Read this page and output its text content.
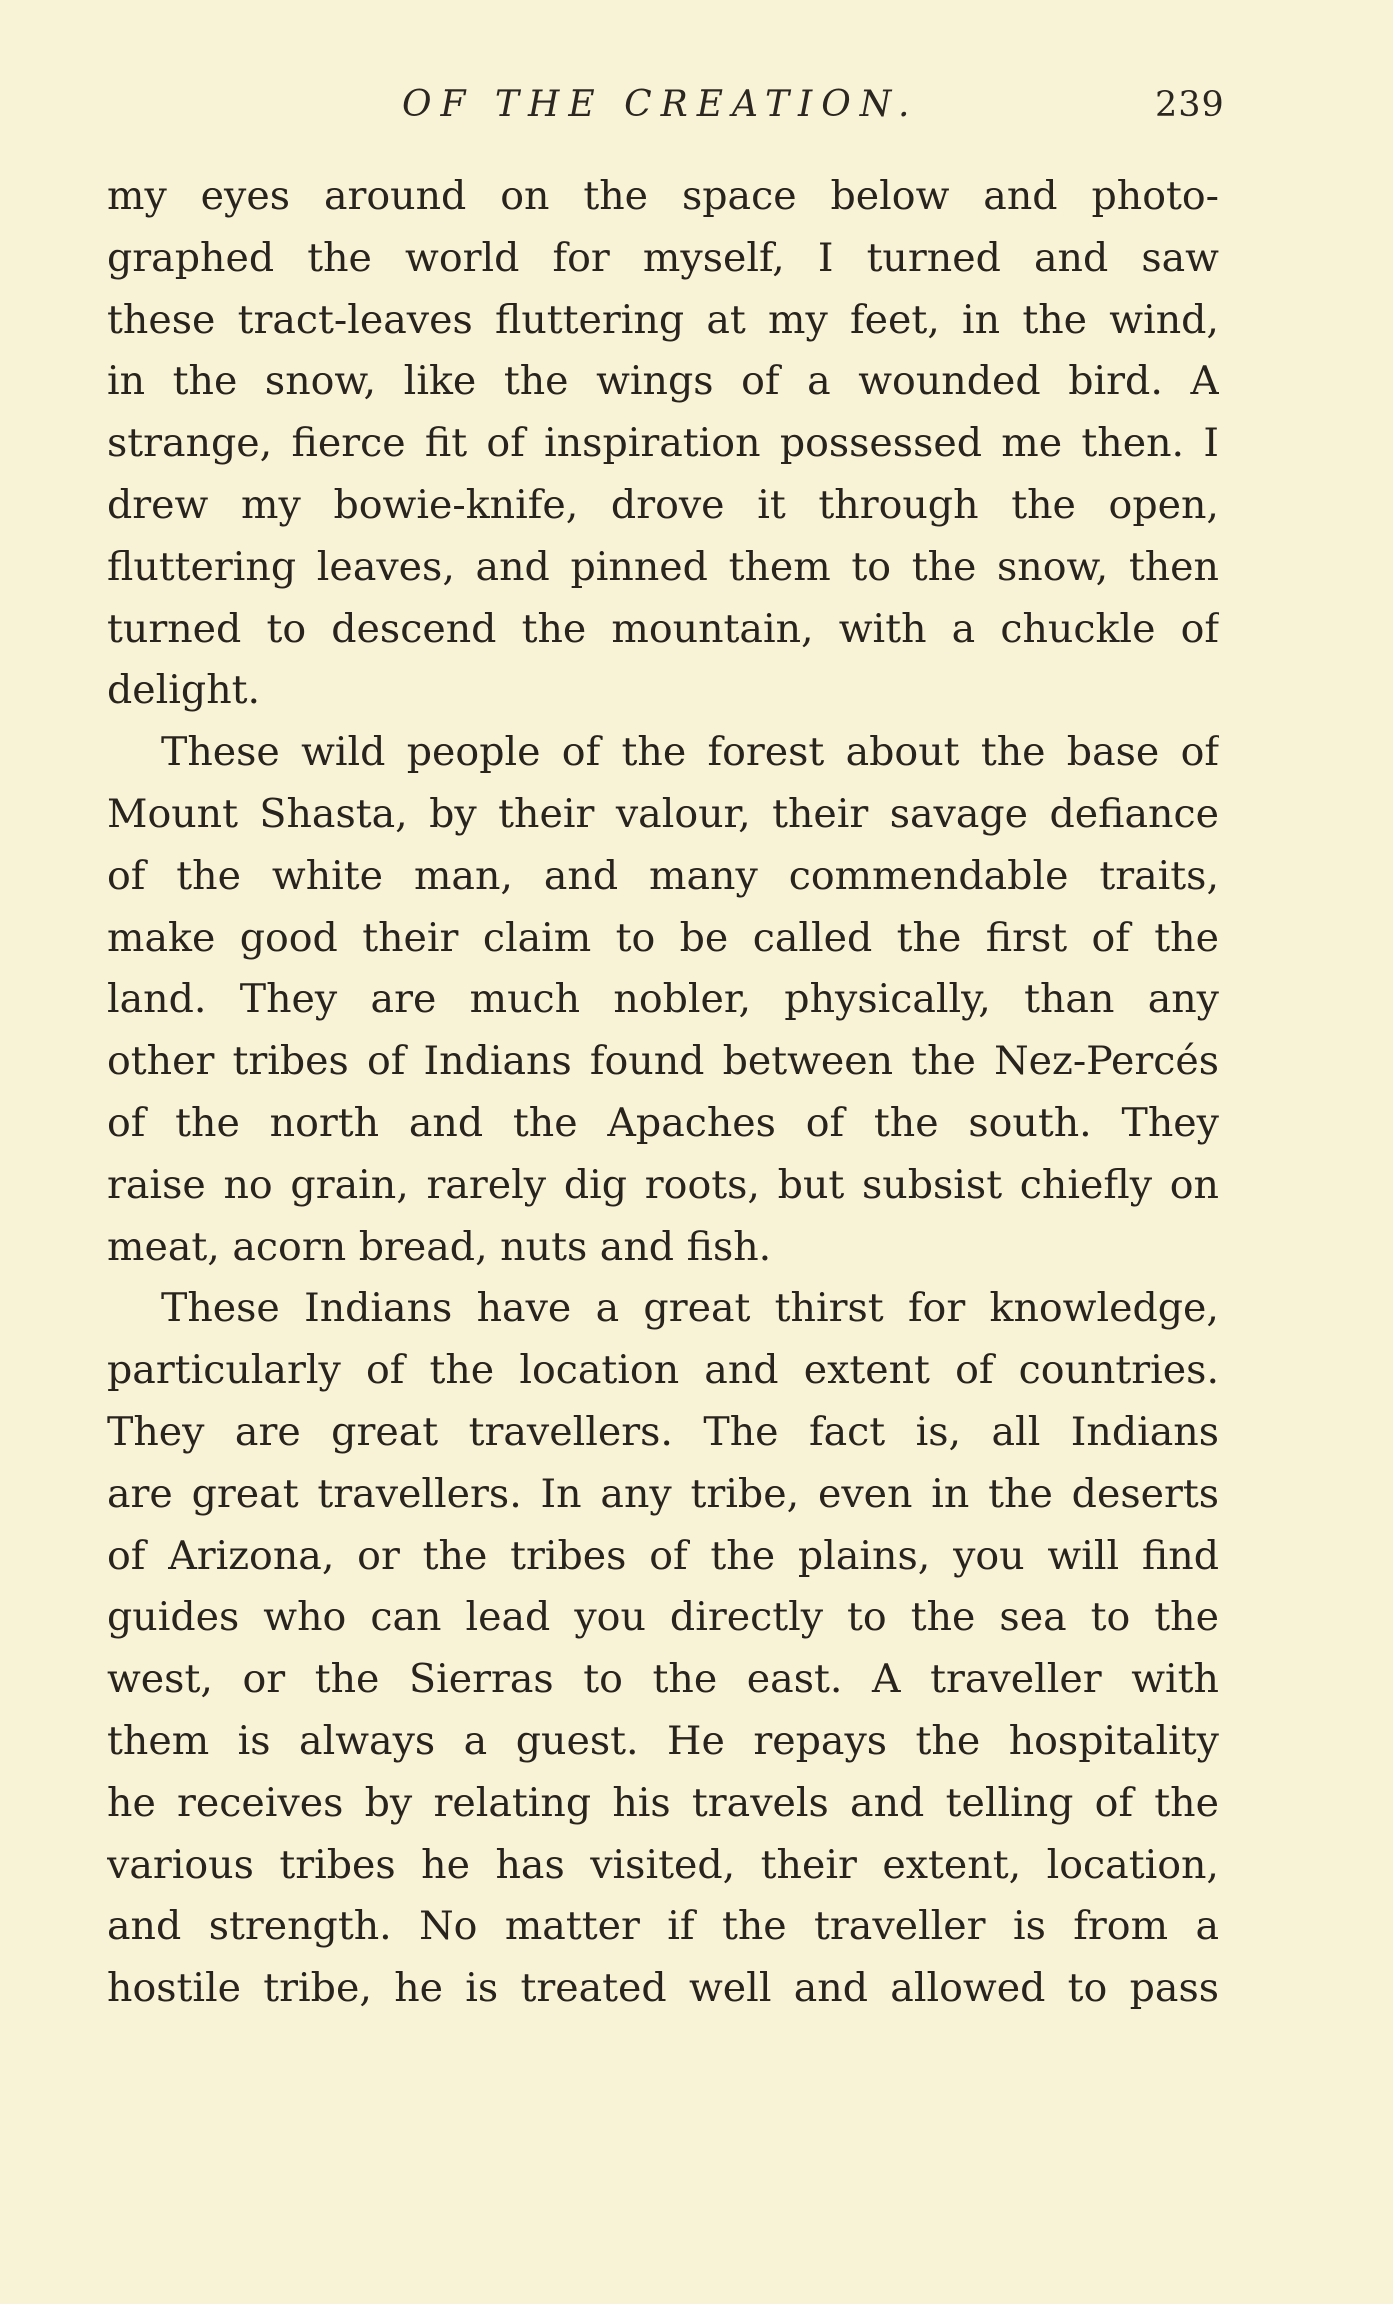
OF THE CREATION.	239
my eyes around on the space below and photo-
graphed the world for myself, I turned and saw
these tract-leaves fluttering at my feet, in the wind,
in the snow, like the wings of a wounded bird. A
strange, fierce fit of inspiration possessed me then. I
drew my bowie-knife, drove it through the open,
fluttering leaves, and pinned them to the snow, then
turned to descend the mountain, with a chuckle of
delight.
These wild people of the forest about the base of
Mount Shasta, by their valour, their savage defiance
of the white man, and many commendable traits,
make good their claim to be called the first of the
land. They are much nobler, physically, than any
other tribes of Indians found between the Nez-Percés
of the north and the Apaches of the south. They
raise no grain, rarely dig roots, but subsist chiefly on
meat, acorn bread, nuts and fish.
These Indians have a great thirst for knowledge,
particularly of the location and extent of countries.
They are great travellers. The fact is, all Indians
are great travellers. In any tribe, even in the deserts
of Arizona, or the tribes of the plains, you will find
guides who can lead you directly to the sea to the
west, or the Sierras to the east. A traveller with
them is always a guest. He repays the hospitality
he receives by relating his travels and telling of the
various tribes he has visited, their extent, location,
and strength. No matter if the traveller is from a
hostile tribe, he is treated well and allowed to pass
